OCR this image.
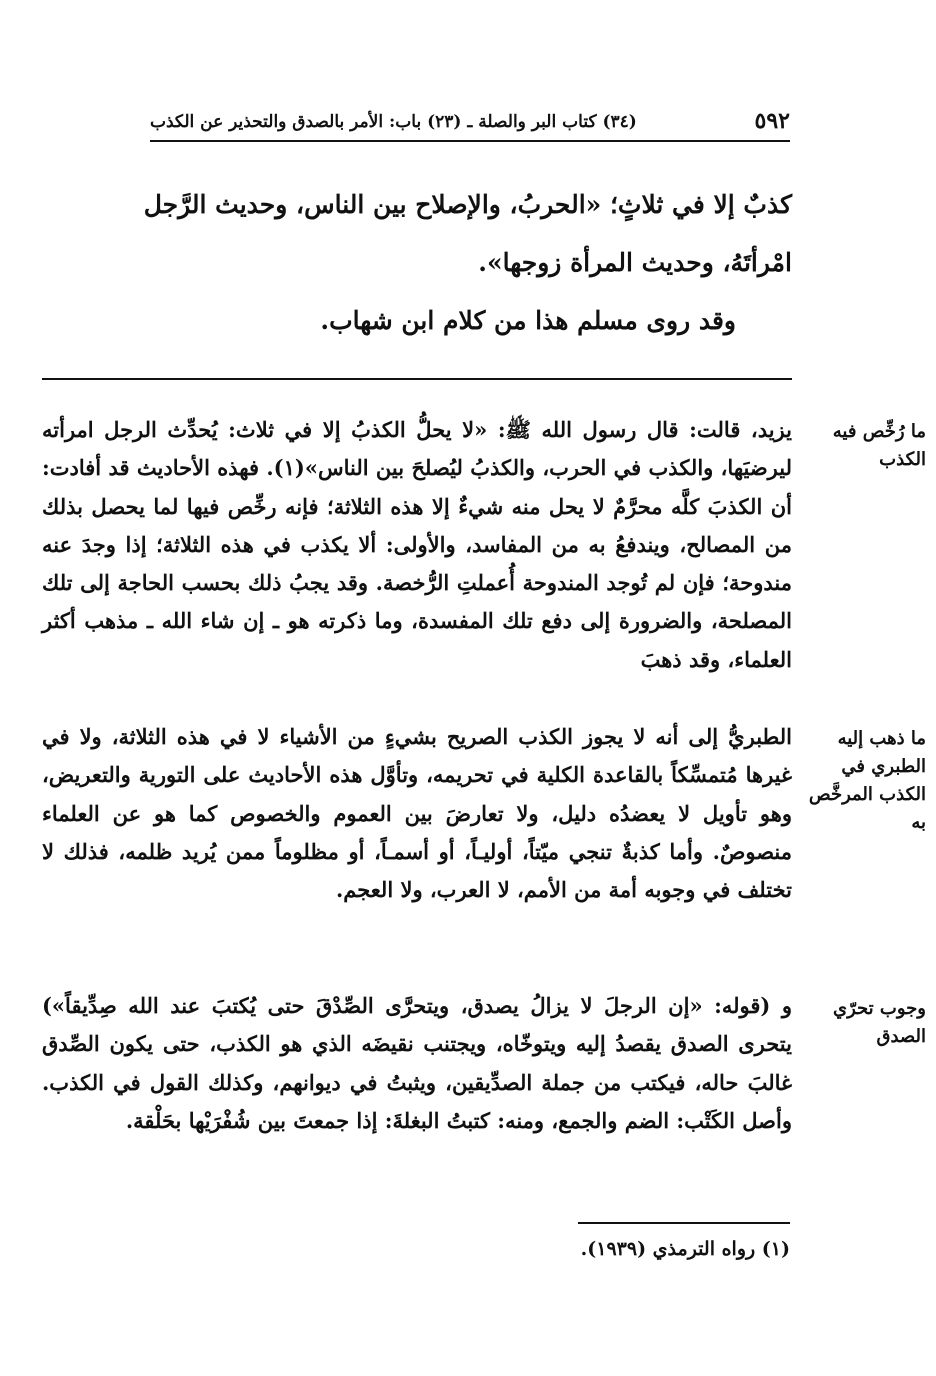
٥٩٢
(٣٤) كتاب البر والصلة ـ (٢٣) باب: الأمر بالصدق والتحذير عن الكذب

كذبٌ إلا في ثلاثٍ؛ «الحربُ، والإصلاح بين الناس، وحديث الرَّجل

امْرأتَهُ، وحديث المرأة زوجها».

وقد روى مسلم هذا من كلام ابن شهاب.
ما رُخِّص فيه الكذب
ما ذهب إليه الطبري في الكذب المرخَّص به
وجوب تحرّي الصدق

يزيد، قالت: قال رسول الله ﷺ: «لا يحلُّ الكذبُ إلا في ثلاث: يُحدِّث الرجل امرأته ليرضيَها، والكذب في الحرب، والكذبُ ليُصلحَ بين الناس»(١). فهذه الأحاديث قد أفادت: أن الكذبَ كلَّه محرَّمٌ لا يحل منه شيءٌ إلا هذه الثلاثة؛ فإنه رخِّص فيها لما يحصل بذلك من المصالح، ويندفعُ به من المفاسد، والأولى: ألا يكذب في هذه الثلاثة؛ إذا وجدَ عنه مندوحة؛ فإن لم تُوجد المندوحة أُعملتِ الرُّخصة. وقد يجبُ ذلك بحسب الحاجة إلى تلك المصلحة، والضرورة إلى دفع تلك المفسدة، وما ذكرته هو ـ إن شاء الله ـ مذهب أكثر العلماء، وقد ذهبَ

الطبريُّ إلى أنه لا يجوز الكذب الصريح بشيءٍ من الأشياء لا في هذه الثلاثة، ولا في غيرها مُتمسِّكاً بالقاعدة الكلية في تحريمه، وتأوَّل هذه الأحاديث على التورية والتعريض، وهو تأويل لا يعضدُه دليل، ولا تعارضَ بين العموم والخصوص كما هو عن العلماء منصوصٌ. وأما كذبةٌ تنجي ميّتاً، أوليـاً، أو أسمـاً، أو مظلوماً ممن يُريد ظلمه، فذلك لا تختلف في وجوبه أمة من الأمم، لا العرب، ولا العجم.

و (قوله: «إن الرجلَ لا يزالُ يصدق، ويتحرَّى الصِّدْقَ حتى يُكتبَ عند الله صِدِّيقاً») يتحرى الصدق يقصدُ إليه ويتوخّاه، ويجتنب نقيضَه الذي هو الكذب، حتى يكون الصِّدق غالبَ حاله، فيكتب من جملة الصدِّيقين، ويثبتُ في ديوانهم، وكذلك القول في الكذب. وأصل الكَتْب: الضم والجمع، ومنه: كتبتُ البغلةَ: إذا جمعتَ بين شُفْرَيْها بحَلْقة.

(١) رواه الترمذي (١٩٣٩).
